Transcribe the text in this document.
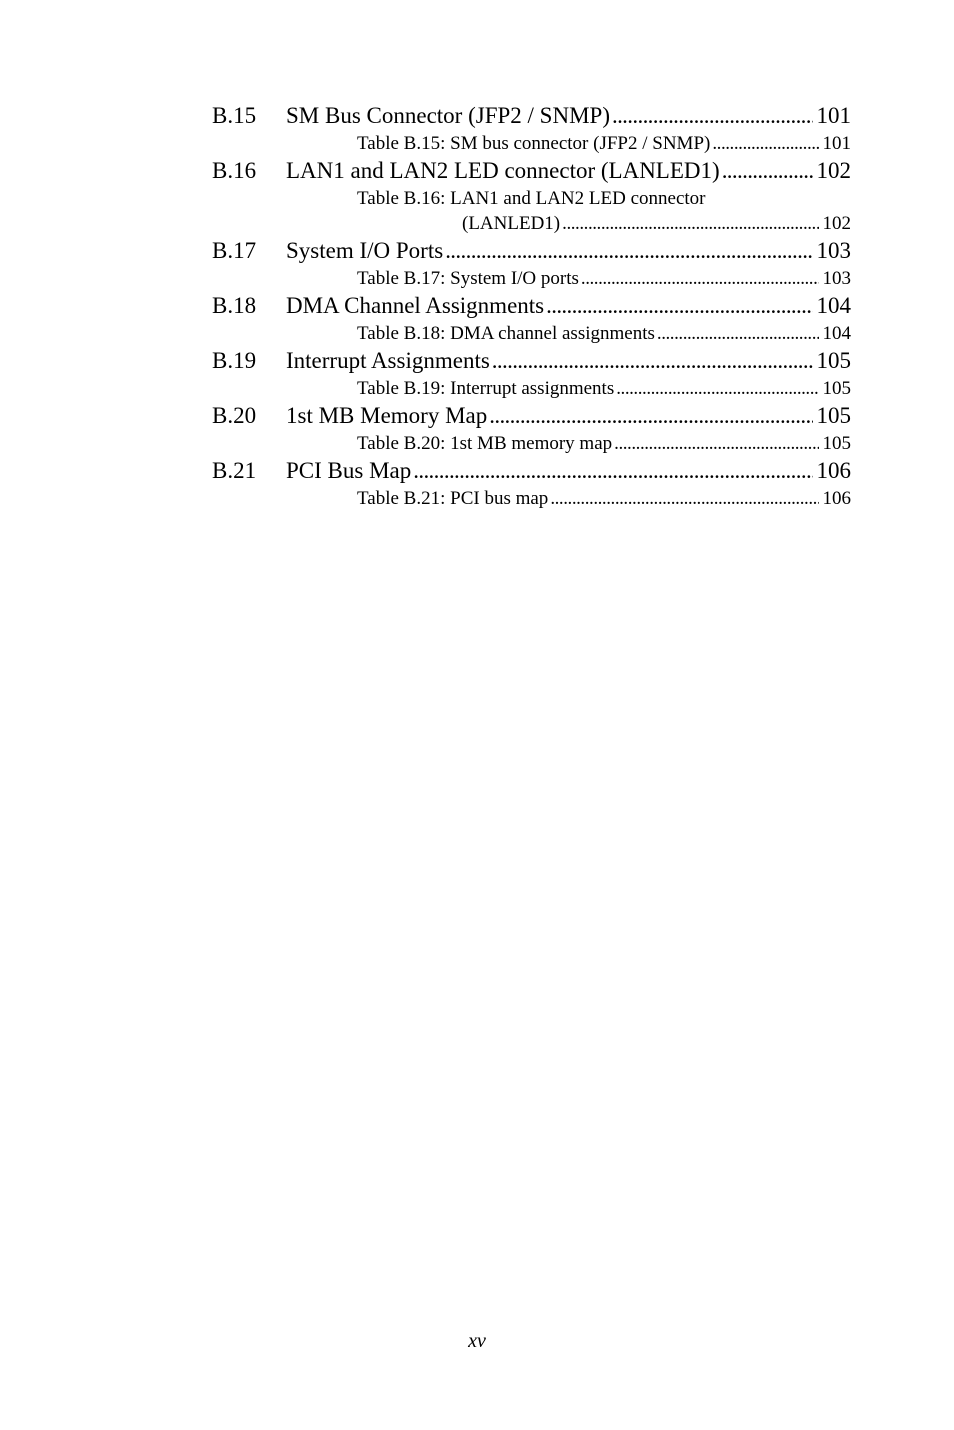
B.15	SM Bus Connector (JFP2 / SNMP) . . .	101
Table B.15: SM bus connector (JFP2 / SNMP) . . .	101
B.16	LAN1 and LAN2 LED connector (LANLED1) . . .	102
Table B.16: LAN1 and LAN2 LED connector
(LANLED1) . . .	102
B.17	System I/O Ports . . .	103
Table B.17: System I/O ports . . .	103
B.18	DMA Channel Assignments . . .	104
Table B.18: DMA channel assignments . . .	104
B.19	Interrupt Assignments . . .	105
Table B.19: Interrupt assignments . . .	105
B.20	1st MB Memory Map . . .	105
Table B.20: 1st MB memory map . . .	105
B.21	PCI Bus Map . . .	106
Table B.21: PCI bus map . . .	106
xv
